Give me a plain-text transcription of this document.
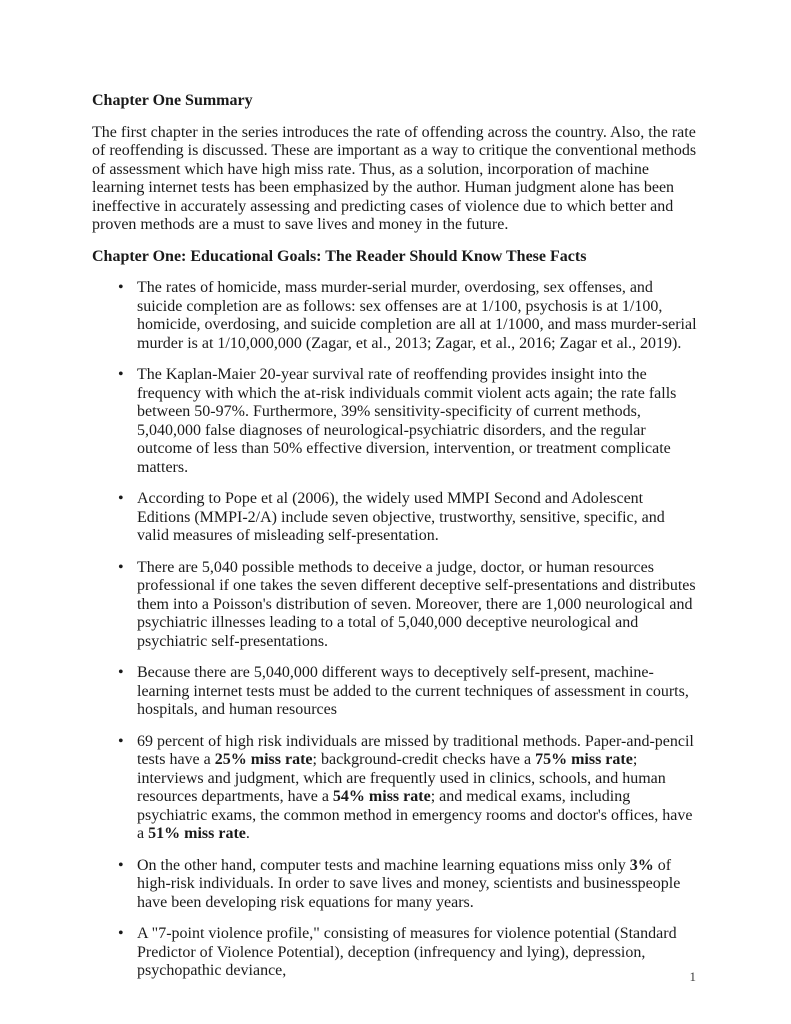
Chapter One Summary

The first chapter in the series introduces the rate of offending across the country. Also, the rate of reoffending is discussed. These are important as a way to critique the conventional methods of assessment which have high miss rate. Thus, as a solution, incorporation of machine learning internet tests has been emphasized by the author. Human judgment alone has been ineffective in accurately assessing and predicting cases of violence due to which better and proven methods are a must to save lives and money in the future.

Chapter One: Educational Goals: The Reader Should Know These Facts
•
The rates of homicide, mass murder-serial murder, overdosing, sex offenses, and suicide completion are as follows: sex offenses are at 1/100, psychosis is at 1/100, homicide, overdosing, and suicide completion are all at 1/1000, and mass murder-serial murder is at 1/10,000,000 (Zagar, et al., 2013; Zagar, et al., 2016; Zagar et al., 2019).
•
The Kaplan-Maier 20-year survival rate of reoffending provides insight into the frequency with which the at-risk individuals commit violent acts again; the rate falls between 50-97%. Furthermore, 39% sensitivity-specificity of current methods, 5,040,000 false diagnoses of neurological-psychiatric disorders, and the regular outcome of less than 50% effective diversion, intervention, or treatment complicate matters.
•
According to Pope et al (2006), the widely used MMPI Second and Adolescent Editions (MMPI-2/A) include seven objective, trustworthy, sensitive, specific, and valid measures of misleading self-presentation.
•
There are 5,040 possible methods to deceive a judge, doctor, or human resources professional if one takes the seven different deceptive self-presentations and distributes them into a Poisson's distribution of seven. Moreover, there are 1,000 neurological and psychiatric illnesses leading to a total of 5,040,000 deceptive neurological and psychiatric self-presentations.
•
Because there are 5,040,000 different ways to deceptively self-present, machine-learning internet tests must be added to the current techniques of assessment in courts, hospitals, and human resources
•
69 percent of high risk individuals are missed by traditional methods. Paper-and-pencil tests have a 25% miss rate; background-credit checks have a 75% miss rate; interviews and judgment, which are frequently used in clinics, schools, and human resources departments, have a 54% miss rate; and medical exams, including psychiatric exams, the common method in emergency rooms and doctor's offices, have a 51% miss rate.
•
On the other hand, computer tests and machine learning equations miss only 3% of high-risk individuals. In order to save lives and money, scientists and businesspeople have been developing risk equations for many years.
•
A "7-point violence profile," consisting of measures for violence potential (Standard Predictor of Violence Potential), deception (infrequency and lying), depression, psychopathic deviance,	1
